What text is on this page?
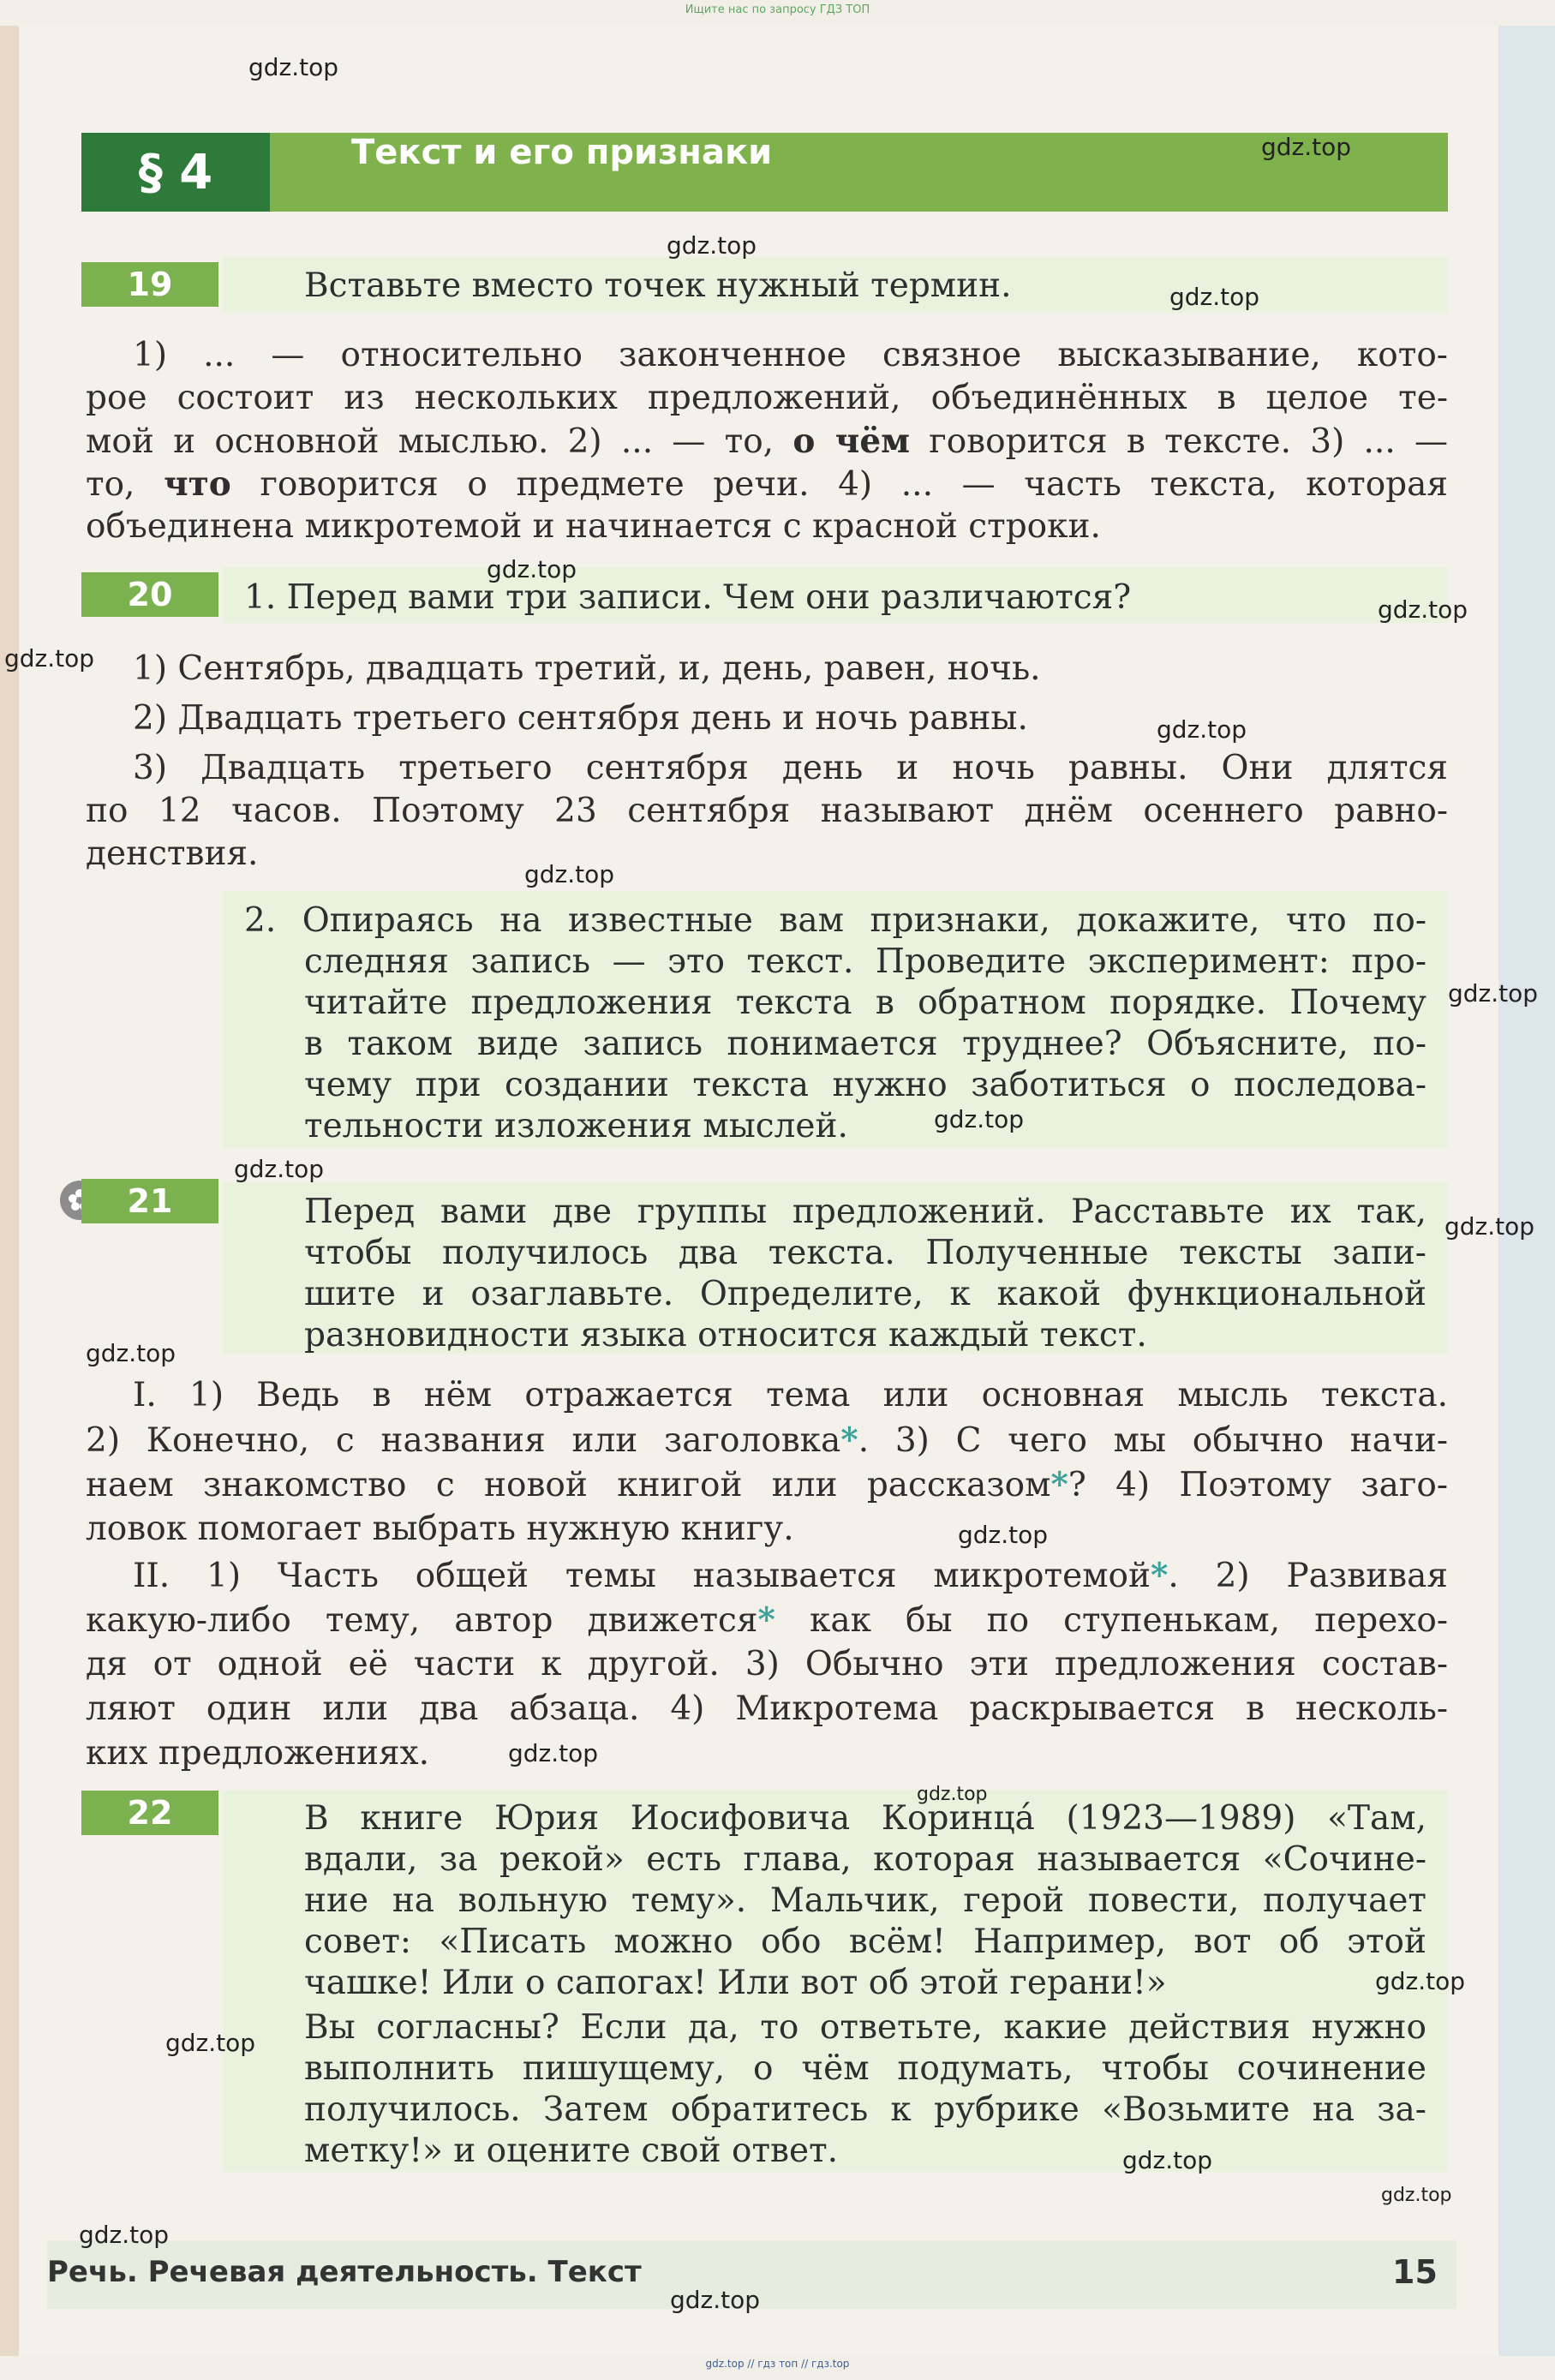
Ищите нас по запросу ГДЗ ТОП
§ 4	Текст и его признаки
19	Вставьте вместо точек нужный термин.
1) ... — относительно законченное связное высказывание, кото-
рое состоит из нескольких предложений, объединённых в целое те-
мой и основной мыслью. 2) ... — то, о чём говорится в тексте. 3) ... —
то, что говорится о предмете речи. 4) ... — часть текста, которая
объединена микротемой и начинается с красной строки.
20	1. Перед вами три записи. Чем они различаются?
1) Сентябрь, двадцать третий, и, день, равен, ночь.
2) Двадцать третьего сентября день и ночь равны.
3) Двадцать третьего сентября день и ночь равны. Они длятся
по 12 часов. Поэтому 23 сентября называют днём осеннего равно-
денствия.
2. Опираясь на известные вам признаки, докажите, что по-
следняя запись — это текст. Проведите эксперимент: про-
читайте предложения текста в обратном порядке. Почему
в таком виде запись понимается труднее? Объясните, по-
чему при создании текста нужно заботиться о последова-
тельности изложения мыслей.
21	Перед вами две группы предложений. Расставьте их так,
чтобы получилось два текста. Полученные тексты запи-
шите и озаглавьте. Определите, к какой функциональной
разновидности языка относится каждый текст.
I. 1) Ведь в нём отражается тема или основная мысль текста.
2) Конечно, с названия или заголовка*. 3) С чего мы обычно начи-
наем знакомство с новой книгой или рассказом*? 4) Поэтому заго-
ловок помогает выбрать нужную книгу.
II. 1) Часть общей темы называется микротемой*. 2) Развивая
какую-либо тему, автор движется* как бы по ступенькам, перехо-
дя от одной её части к другой. 3) Обычно эти предложения состав-
ляют один или два абзаца. 4) Микротема раскрывается в несколь-
ких предложениях.
22	В книге Юрия Иосифовича Коринца́ (1923—1989) «Там,
вдали, за рекой» есть глава, которая называется «Сочине-
ние на вольную тему». Мальчик, герой повести, получает
совет: «Писать можно обо всём! Например, вот об этой
чашке! Или о сапогах! Или вот об этой герани!»
Вы согласны? Если да, то ответьте, какие действия нужно
выполнить пишущему, о чём подумать, чтобы сочинение
получилось. Затем обратитесь к рубрике «Возьмите на за-
метку!» и оцените свой ответ.
Речь. Речевая деятельность. Текст	15
gdz.top // гдз топ // гдз.top
gdz.top
gdz.top
gdz.top
gdz.top
gdz.top
gdz.top
gdz.top
gdz.top
gdz.top
gdz.top
gdz.top
gdz.top
gdz.top
gdz.top
gdz.top
gdz.top
gdz.top
gdz.top
gdz.top
gdz.top
gdz.top
gdz.top
gdz.top
